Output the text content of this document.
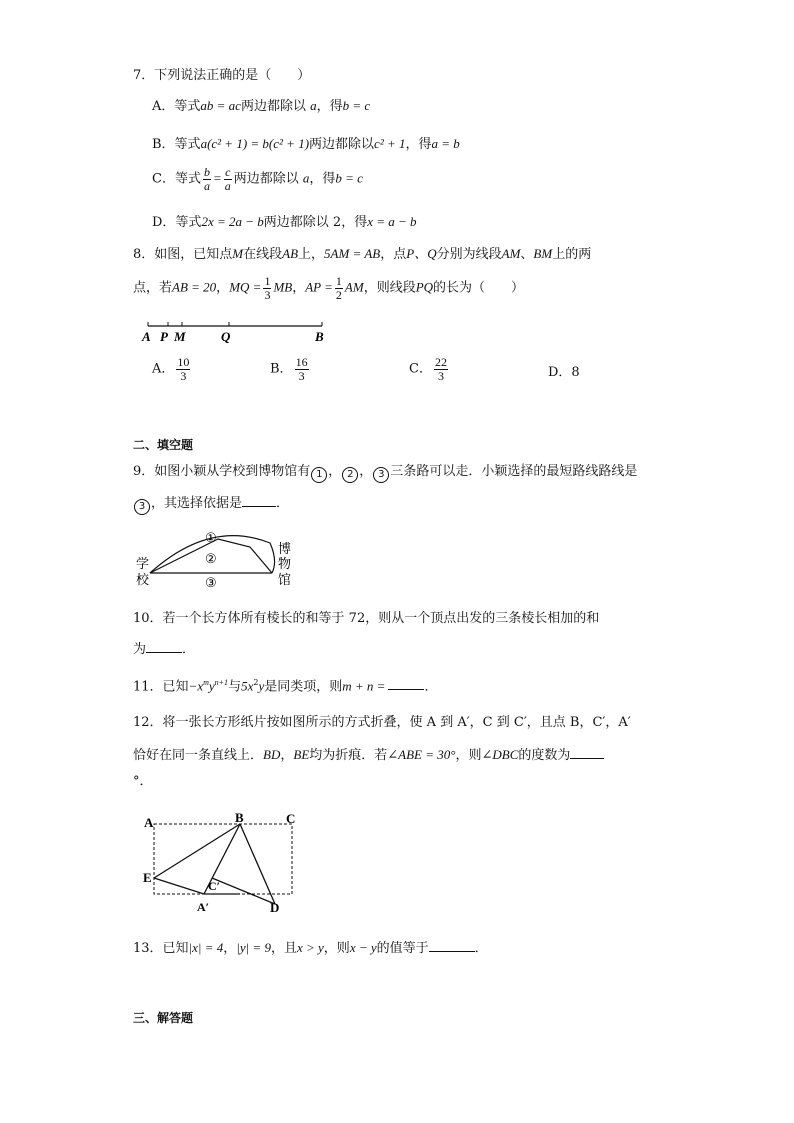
7．下列说法正确的是（　　）
A．等式ab = ac两边都除以 a，得b = c
B．等式a(c² + 1) = b(c² + 1)两边都除以c² + 1，得a = b
C．等式 $\frac{b}{a} = \frac{c}{a}$ 两边都除以 a，得b = c
D．等式2x = 2a − b两边都除以 2，得x = a − b
8．如图，已知点M在线段AB上，5AM = AB，点P、Q分别为线段AM、BM上的两
点，若AB = 20，MQ = $\frac{1}{3}$ MB，AP = $\frac{1}{2}$ AM，则线段PQ的长为（　　）
A P M	Q	B
A． $\frac{10}{3}$	B． $\frac{16}{3}$	C． $\frac{22}{3}$	D．8
二、填空题
9．如图小颖从学校到博物馆有 1 ， 2 ， 3 三条路可以走．小颖选择的最短路线路线是
3 ，其选择依据是	．
①
②
③
学
校
博
物
馆
10．若一个长方体所有棱长的和等于 72，则从一个顶点出发的三条棱长相加的和
为	．
11．已知$-x^my^{n+1}$与$5x^2y$是同类项，则m + n =	．
12．将一张长方形纸片按如图所示的方式折叠，使 A 到 A′，C 到 C′，且点 B，C′，A′
恰好在同一条直线上．BD，BE均为折痕．若∠ABE = 30°，则∠DBC的度数为
°．
A	B	C
E
C′
A′	D
13．已知|x| = 4，|y| = 9，且x > y，则x − y的值等于	．
三、解答题
